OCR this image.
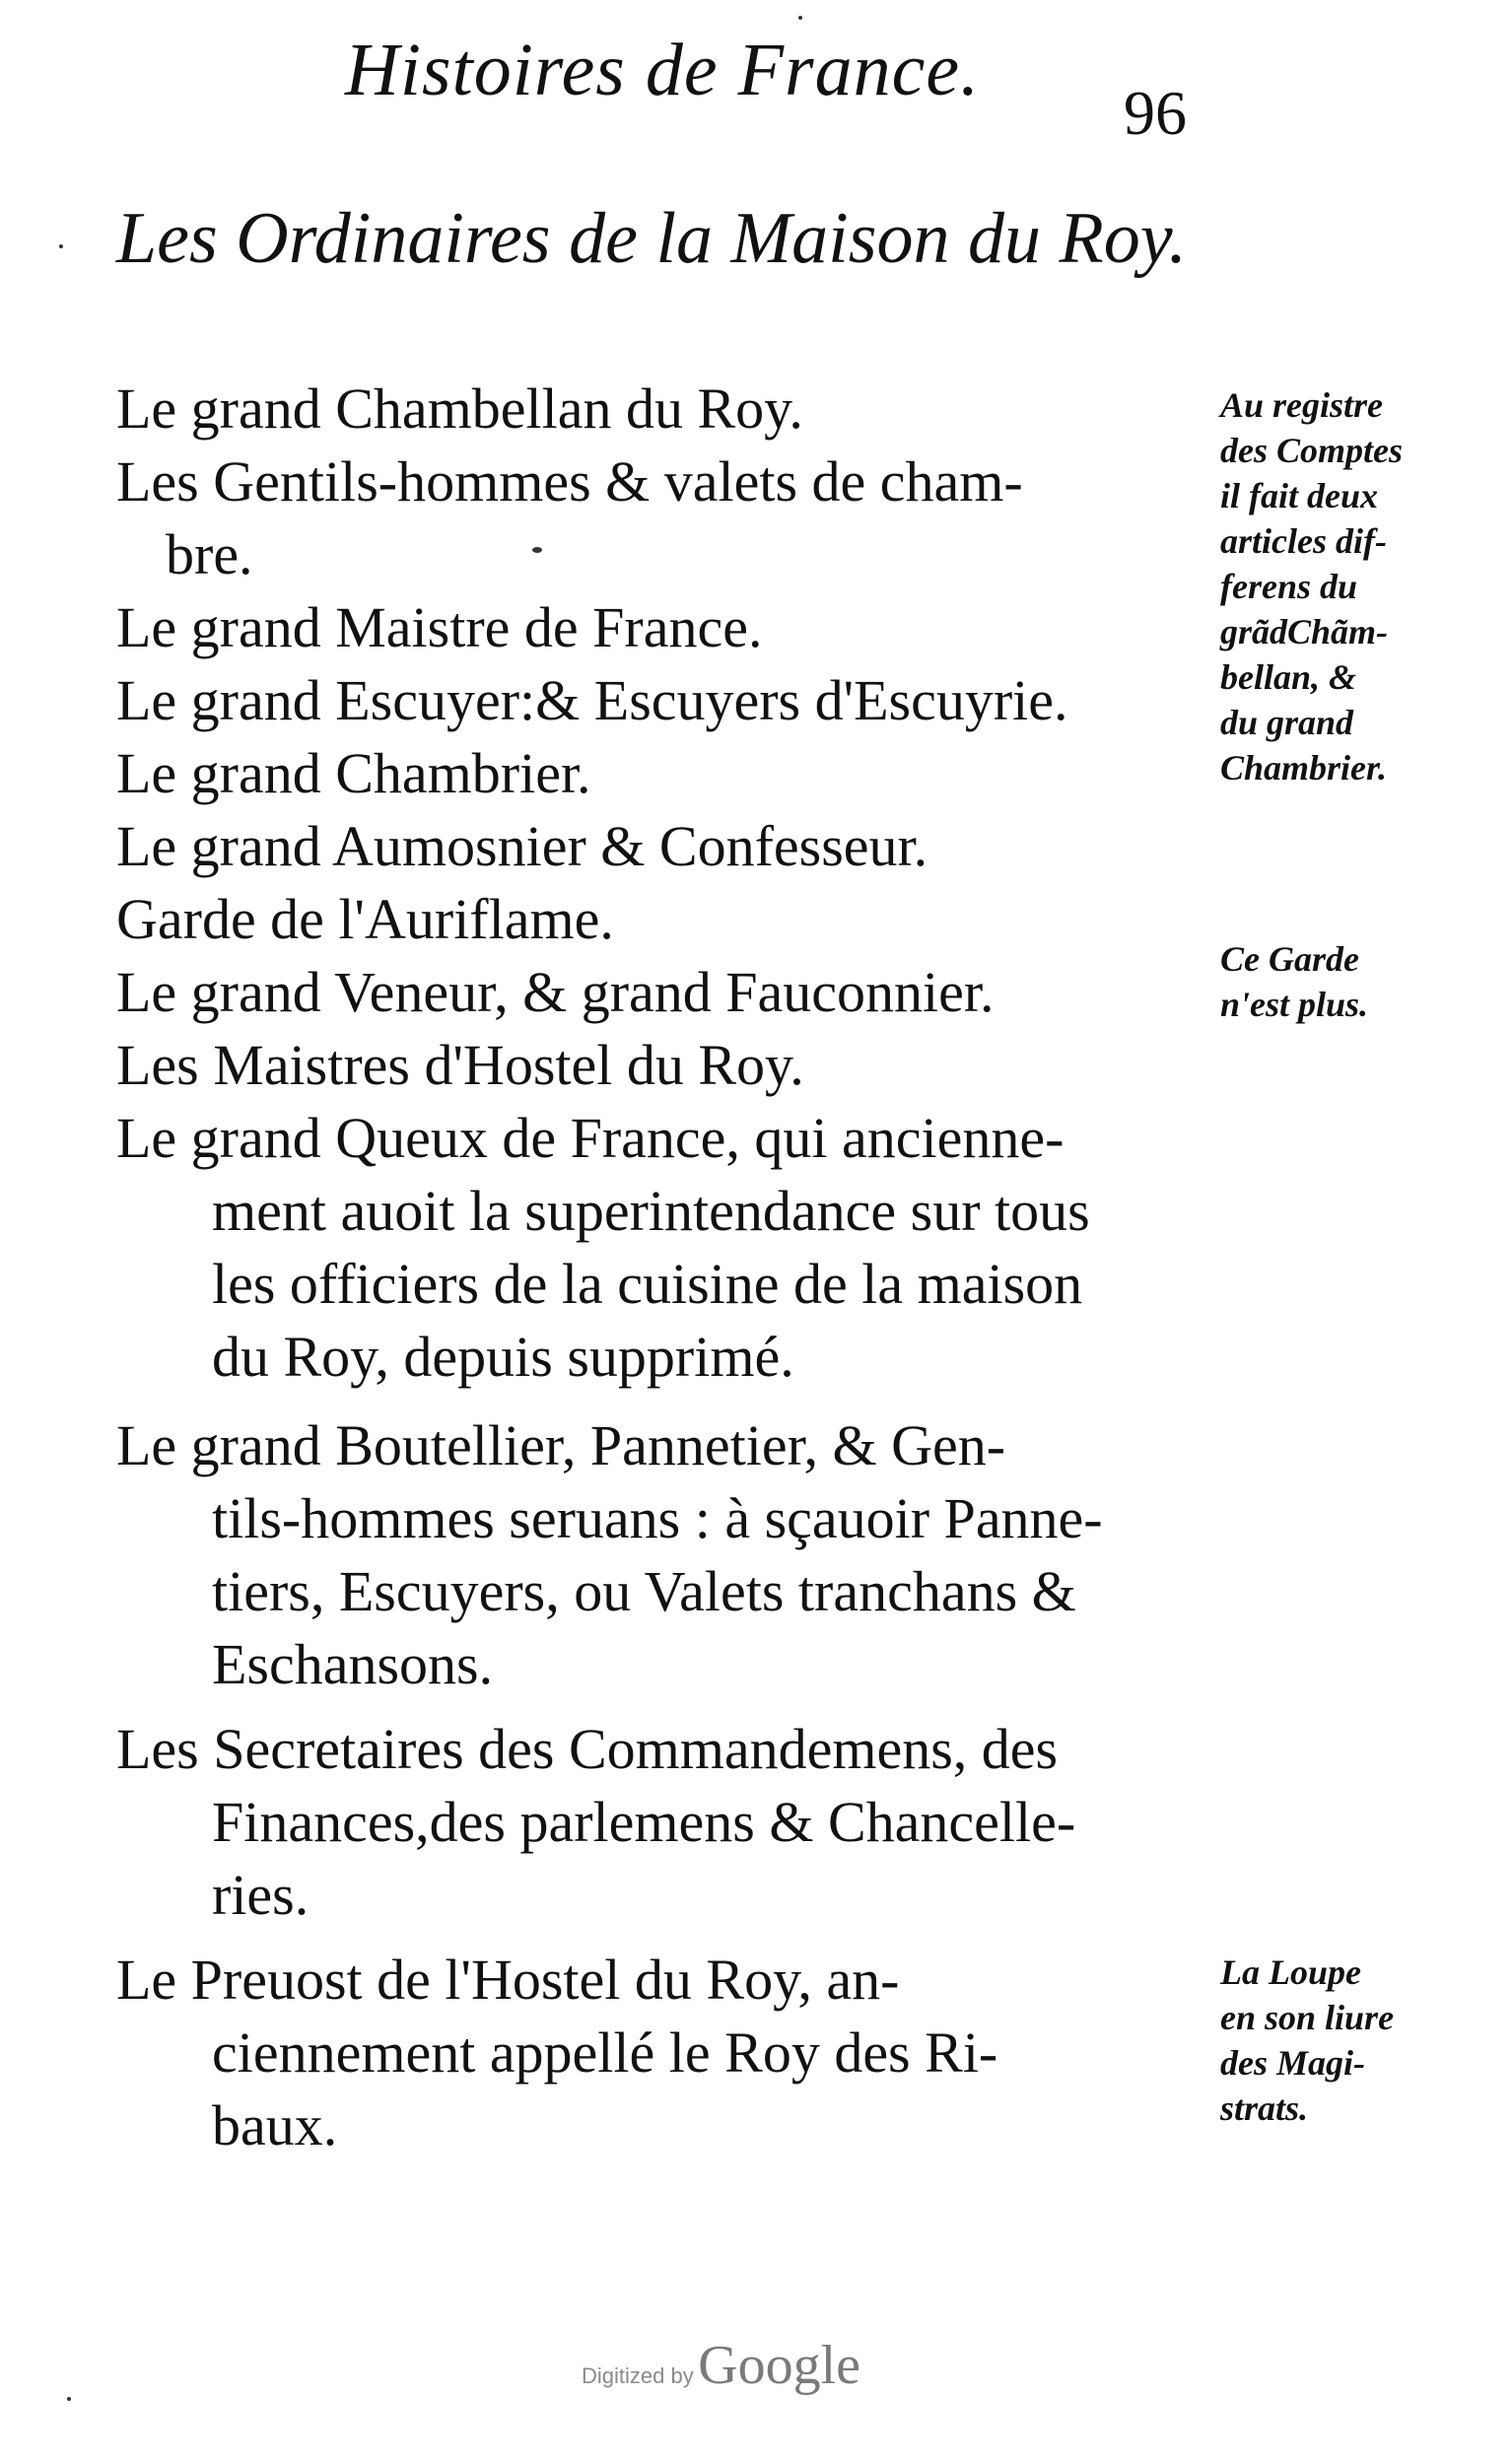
Histoires de France.
96
Les Ordinaires de la Maison du Roy.
Le grand Chambellan du Roy.
Les Gentils-hommes & valets de cham-
bre.
Le grand Maistre de France.
Le grand Escuyer:& Escuyers d'Escuyrie.
Le grand Chambrier.
Le grand Aumosnier & Confesseur.
Garde de l'Auriflame.
Le grand Veneur, & grand Fauconnier.
Les Maistres d'Hostel du Roy.
Le grand Queux de France, qui ancienne-
ment auoit la superintendance sur tous
les officiers de la cuisine de la maison
du Roy, depuis supprimé.
Le grand Boutellier, Pannetier, & Gen-
tils-hommes seruans : à sçauoir Panne-
tiers, Escuyers, ou Valets tranchans &
Eschansons.
Les Secretaires des Commandemens, des
Finances,des parlemens & Chancelle-
ries.
Le Preuost de l'Hostel du Roy, an-
ciennement appellé le Roy des Ri-
baux.
Au registre
des Comptes
il fait deux
articles dif-
ferens du
grãdChãm-
bellan, &
du grand
Chambrier.
Ce Garde
n'est plus.
La Loupe
en son liure
des Magi-
strats.
Digitized by Google
